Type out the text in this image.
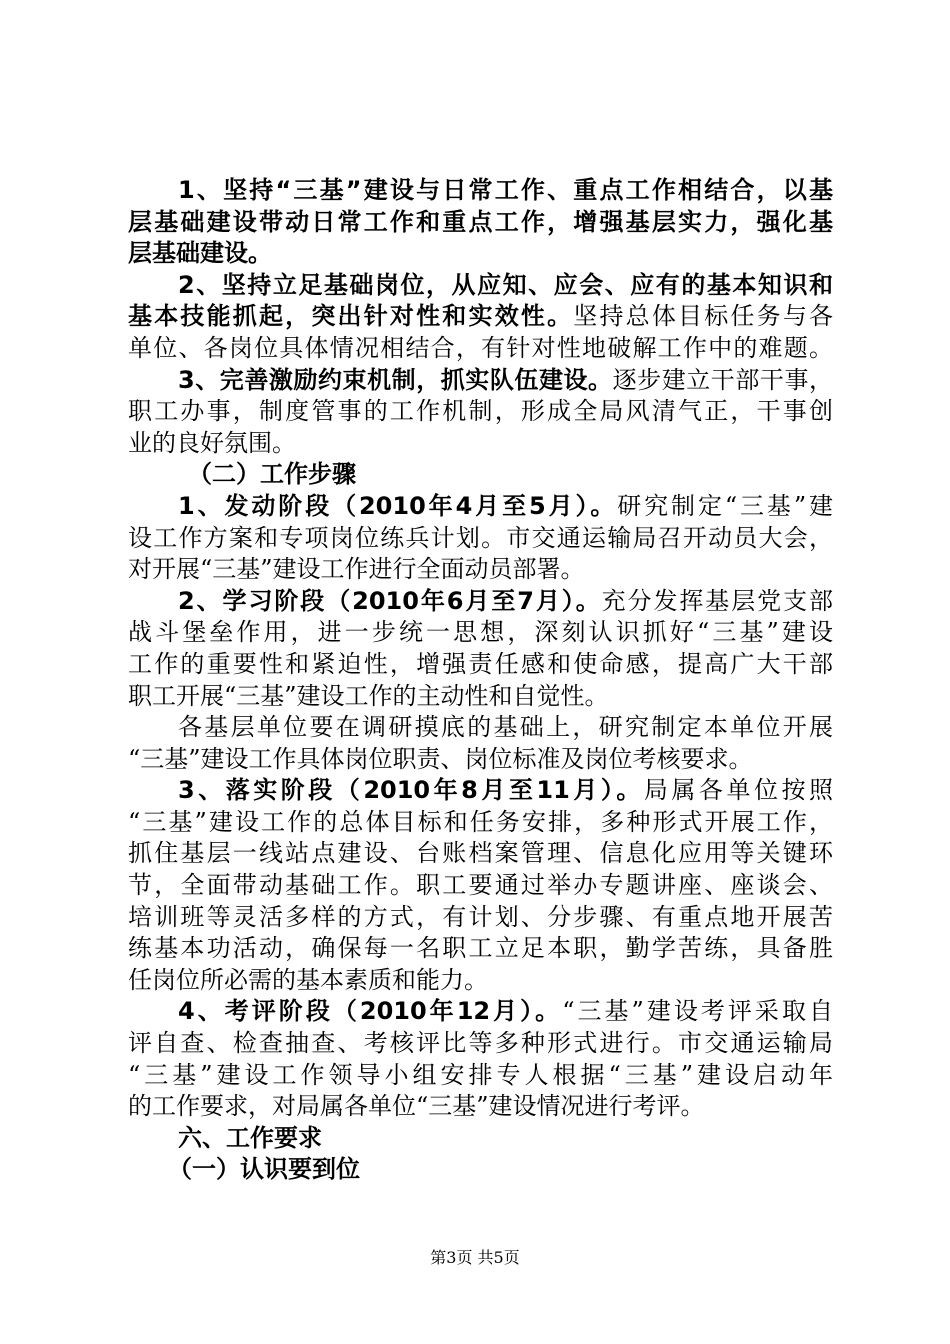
1、坚持“三基”建设与日常工作、重点工作相结合，以基
层基础建设带动日常工作和重点工作，增强基层实力，强化基
层基础建设。
2、坚持立足基础岗位，从应知、应会、应有的基本知识和
基本技能抓起，突出针对性和实效性。坚持总体目标任务与各
单位、各岗位具体情况相结合，有针对性地破解工作中的难题。
3、完善激励约束机制，抓实队伍建设。逐步建立干部干事，
职工办事，制度管事的工作机制，形成全局风清气正，干事创
业的良好氛围。
（二）工作步骤
1、发动阶段（2010年4月至5月）。研究制定“三基”建
设工作方案和专项岗位练兵计划。市交通运输局召开动员大会，
对开展“三基”建设工作进行全面动员部署。
2、学习阶段（2010年6月至7月）。充分发挥基层党支部
战斗堡垒作用，进一步统一思想，深刻认识抓好“三基”建设
工作的重要性和紧迫性，增强责任感和使命感，提高广大干部
职工开展“三基”建设工作的主动性和自觉性。
各基层单位要在调研摸底的基础上，研究制定本单位开展
“三基”建设工作具体岗位职责、岗位标准及岗位考核要求。
3、落实阶段（2010年8月至11月）。局属各单位按照
“三基”建设工作的总体目标和任务安排，多种形式开展工作，
抓住基层一线站点建设、台账档案管理、信息化应用等关键环
节，全面带动基础工作。职工要通过举办专题讲座、座谈会、
培训班等灵活多样的方式，有计划、分步骤、有重点地开展苦
练基本功活动，确保每一名职工立足本职，勤学苦练，具备胜
任岗位所必需的基本素质和能力。
4、考评阶段（2010年12月）。“三基”建设考评采取自
评自查、检查抽查、考核评比等多种形式进行。市交通运输局
“三基”建设工作领导小组安排专人根据“三基”建设启动年
的工作要求，对局属各单位“三基”建设情况进行考评。
六、工作要求
（一）认识要到位
第3页 共5页
